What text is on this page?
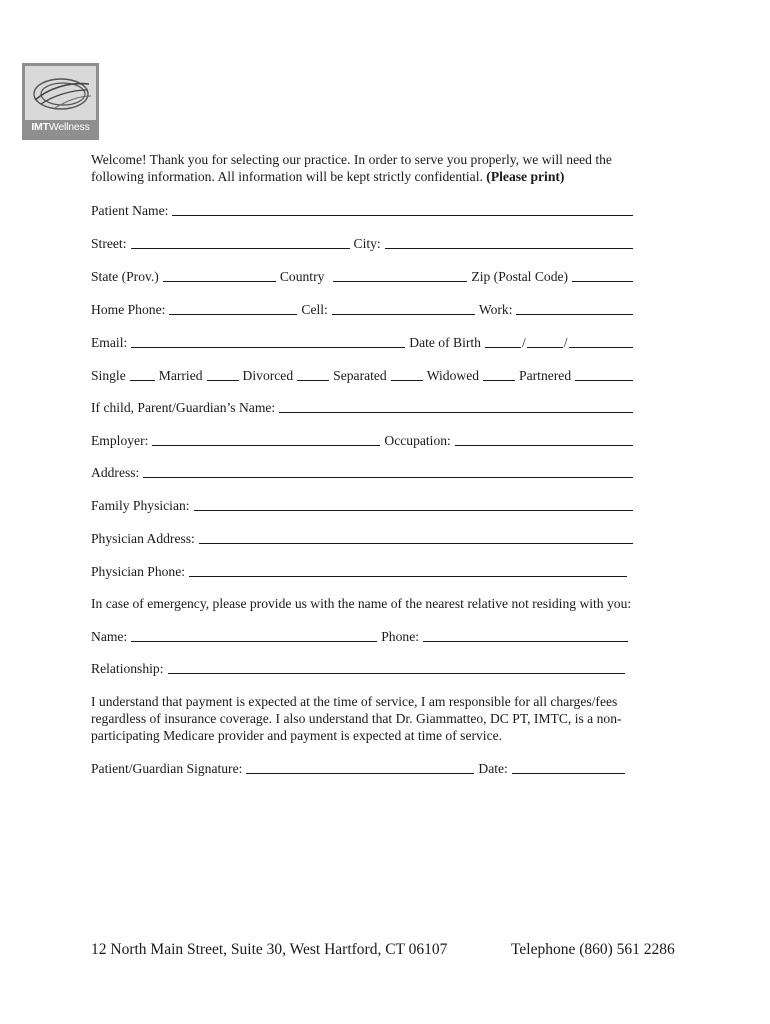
IMTWellness

Welcome! Thank you for selecting our practice. In order to serve you properly, we will need the following information. All information will be kept strictly confidential. (Please print)

Patient Name:
Street:	City:
State (Prov.)	Country	Zip (Postal Code)
Home Phone:	Cell:	Work:
Email:	Date of Birth	/	/
Single Married	Divorced	Separated	Widowed	Partnered
If child, Parent/Guardian’s Name:
Employer:	Occupation:
Address:
Family Physician:
Physician Address:
Physician Phone:

In case of emergency, please provide us with the name of the nearest relative not residing with you:

Name:	Phone:
Relationship:

I understand that payment is expected at the time of service, I am responsible for all charges/fees regardless of insurance coverage. I also understand that Dr. Giammatteo, DC PT, IMTC, is a non-participating Medicare provider and payment is expected at time of service.

Patient/Guardian Signature:	Date:
12 North Main Street, Suite 30, West Hartford, CT 06107	Telephone (860) 561 2286
